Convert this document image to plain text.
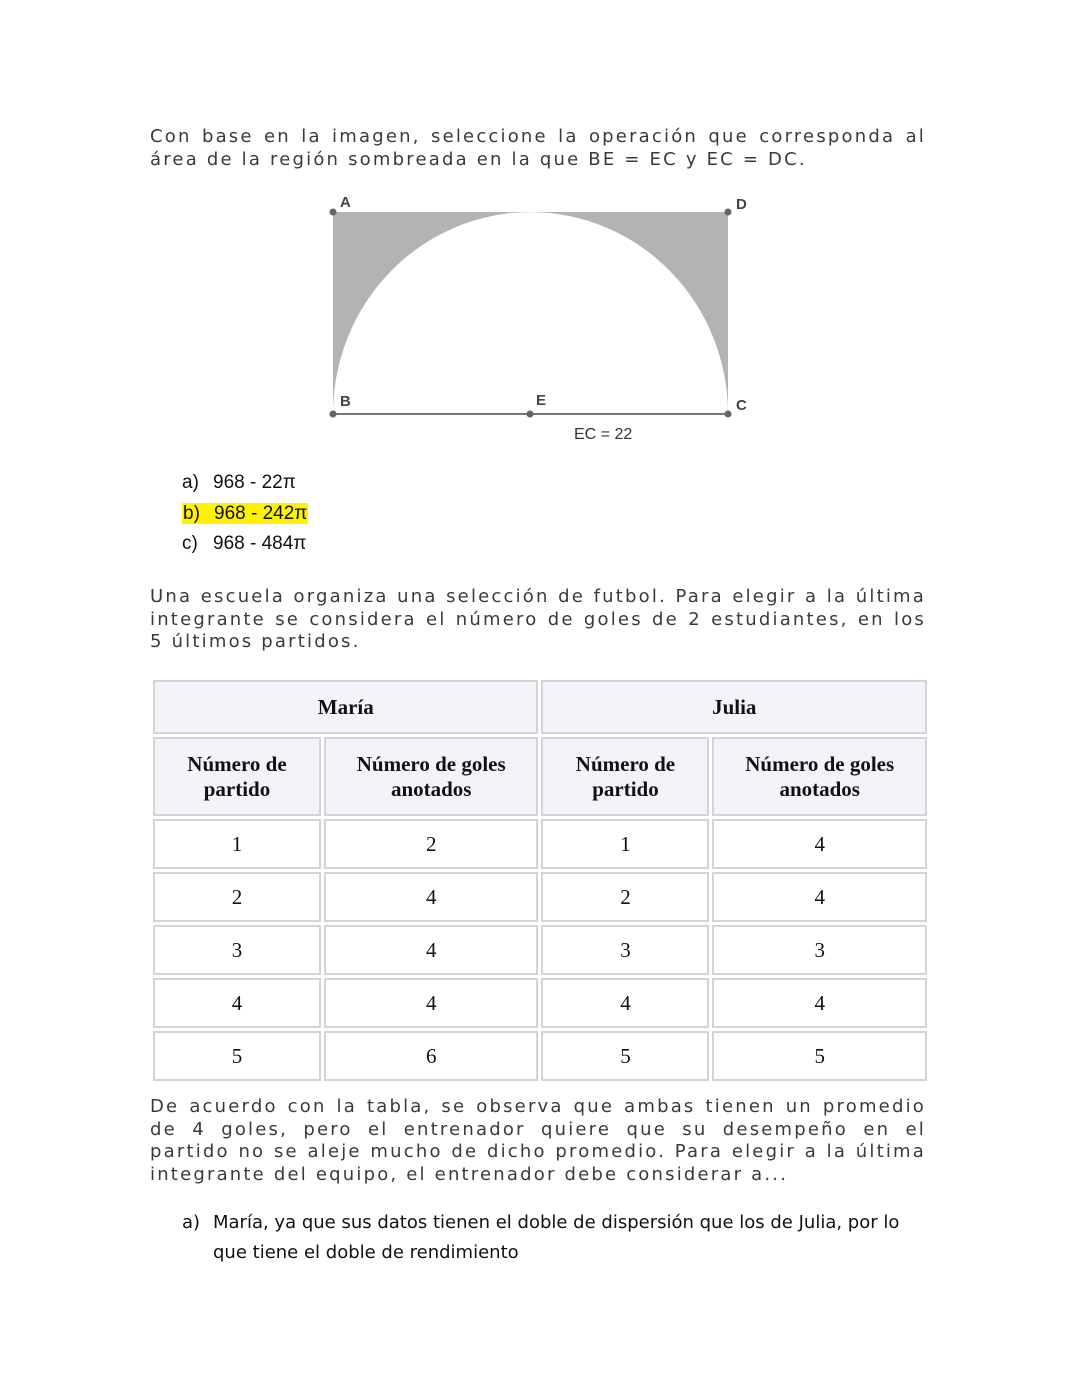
Con base en la imagen, seleccione la operación que corresponda al área de la región sombreada en la que BE = EC y EC = DC.
A	D
B	E	C
EC = 22
a) 968 - 22π
b) 968 - 242π
c) 968 - 484π
Una escuela organiza una selección de futbol. Para elegir a la última integrante se considera el número de goles de 2 estudiantes, en los 5 últimos partidos.
María		Julia	
Número de partido	Número de goles anotados	Número de partido	Número de goles anotados
1	2	1	4
2	4	2	4
3	4	3	3
4	4	4	4
5	6	5	5
De acuerdo con la tabla, se observa que ambas tienen un promedio de 4 goles, pero el entrenador quiere que su desempeño en el partido no se aleje mucho de dicho promedio. Para elegir a la última integrante del equipo, el entrenador debe considerar a...
a) María, ya que sus datos tienen el doble de dispersión que los de Julia, por lo que tiene el doble de rendimiento
